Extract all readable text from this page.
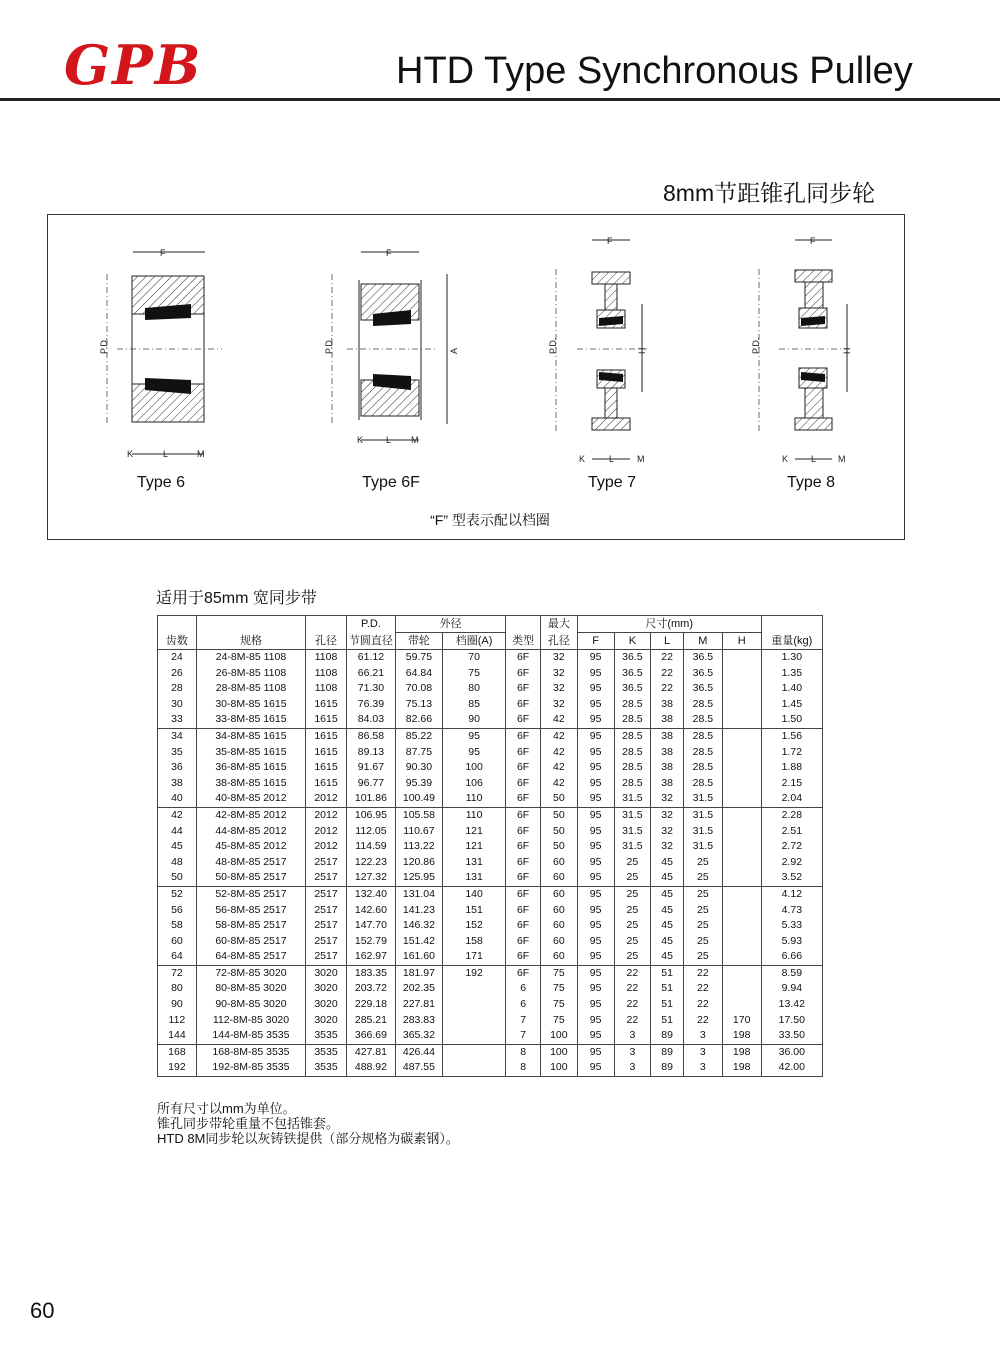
GPB	HTD Type Synchronous Pulley
8mm节距锥孔同步轮
F
P.D.
K	L	M
F
P.D.	A
K	L M
F
P.D.	H
K	L	M
F
P.D.	H
K	L M
Type 6	Type 6F	Type 7	Type 8
“F” 型表示配以档圈
适用于85mm 宽同步带
			P.D.	外径			最大	尺寸(mm)					
齿数	规格	孔径	节圆直径	带轮	档圈(A)	类型	孔径	F	K	L	M	H	重量(kg)
24	24-8M-85 1108	1108	61.12	59.75	70	6F	32	95	36.5	22	36.5		1.30
26	26-8M-85 1108	1108	66.21	64.84	75	6F	32	95	36.5	22	36.5		1.35
28	28-8M-85 1108	1108	71.30	70.08	80	6F	32	95	36.5	22	36.5		1.40
30	30-8M-85 1615	1615	76.39	75.13	85	6F	32	95	28.5	38	28.5		1.45
33	33-8M-85 1615	1615	84.03	82.66	90	6F	42	95	28.5	38	28.5		1.50
34	34-8M-85 1615	1615	86.58	85.22	95	6F	42	95	28.5	38	28.5		1.56
35	35-8M-85 1615	1615	89.13	87.75	95	6F	42	95	28.5	38	28.5		1.72
36	36-8M-85 1615	1615	91.67	90.30	100	6F	42	95	28.5	38	28.5		1.88
38	38-8M-85 1615	1615	96.77	95.39	106	6F	42	95	28.5	38	28.5		2.15
40	40-8M-85 2012	2012	101.86	100.49	110	6F	50	95	31.5	32	31.5		2.04
42	42-8M-85 2012	2012	106.95	105.58	110	6F	50	95	31.5	32	31.5		2.28
44	44-8M-85 2012	2012	112.05	110.67	121	6F	50	95	31.5	32	31.5		2.51
45	45-8M-85 2012	2012	114.59	113.22	121	6F	50	95	31.5	32	31.5		2.72
48	48-8M-85 2517	2517	122.23	120.86	131	6F	60	95	25	45	25		2.92
50	50-8M-85 2517	2517	127.32	125.95	131	6F	60	95	25	45	25		3.52
52	52-8M-85 2517	2517	132.40	131.04	140	6F	60	95	25	45	25		4.12
56	56-8M-85 2517	2517	142.60	141.23	151	6F	60	95	25	45	25		4.73
58	58-8M-85 2517	2517	147.70	146.32	152	6F	60	95	25	45	25		5.33
60	60-8M-85 2517	2517	152.79	151.42	158	6F	60	95	25	45	25		5.93
64	64-8M-85 2517	2517	162.97	161.60	171	6F	60	95	25	45	25		6.66
72	72-8M-85 3020	3020	183.35	181.97	192	6F	75	95	22	51	22		8.59
80	80-8M-85 3020	3020	203.72	202.35		6	75	95	22	51	22		9.94
90	90-8M-85 3020	3020	229.18	227.81		6	75	95	22	51	22		13.42
112	112-8M-85 3020	3020	285.21	283.83		7	75	95	22	51	22	170	17.50
144	144-8M-85 3535	3535	366.69	365.32		7	100	95	3	89	3	198	33.50
168	168-8M-85 3535	3535	427.81	426.44		8	100	95	3	89	3	198	36.00
192	192-8M-85 3535	3535	488.92	487.55		8	100	95	3	89	3	198	42.00
所有尺寸以mm为单位。
锥孔同步带轮重量不包括锥套。
HTD 8M同步轮以灰铸铁提供（部分规格为碳素钢）。
60
